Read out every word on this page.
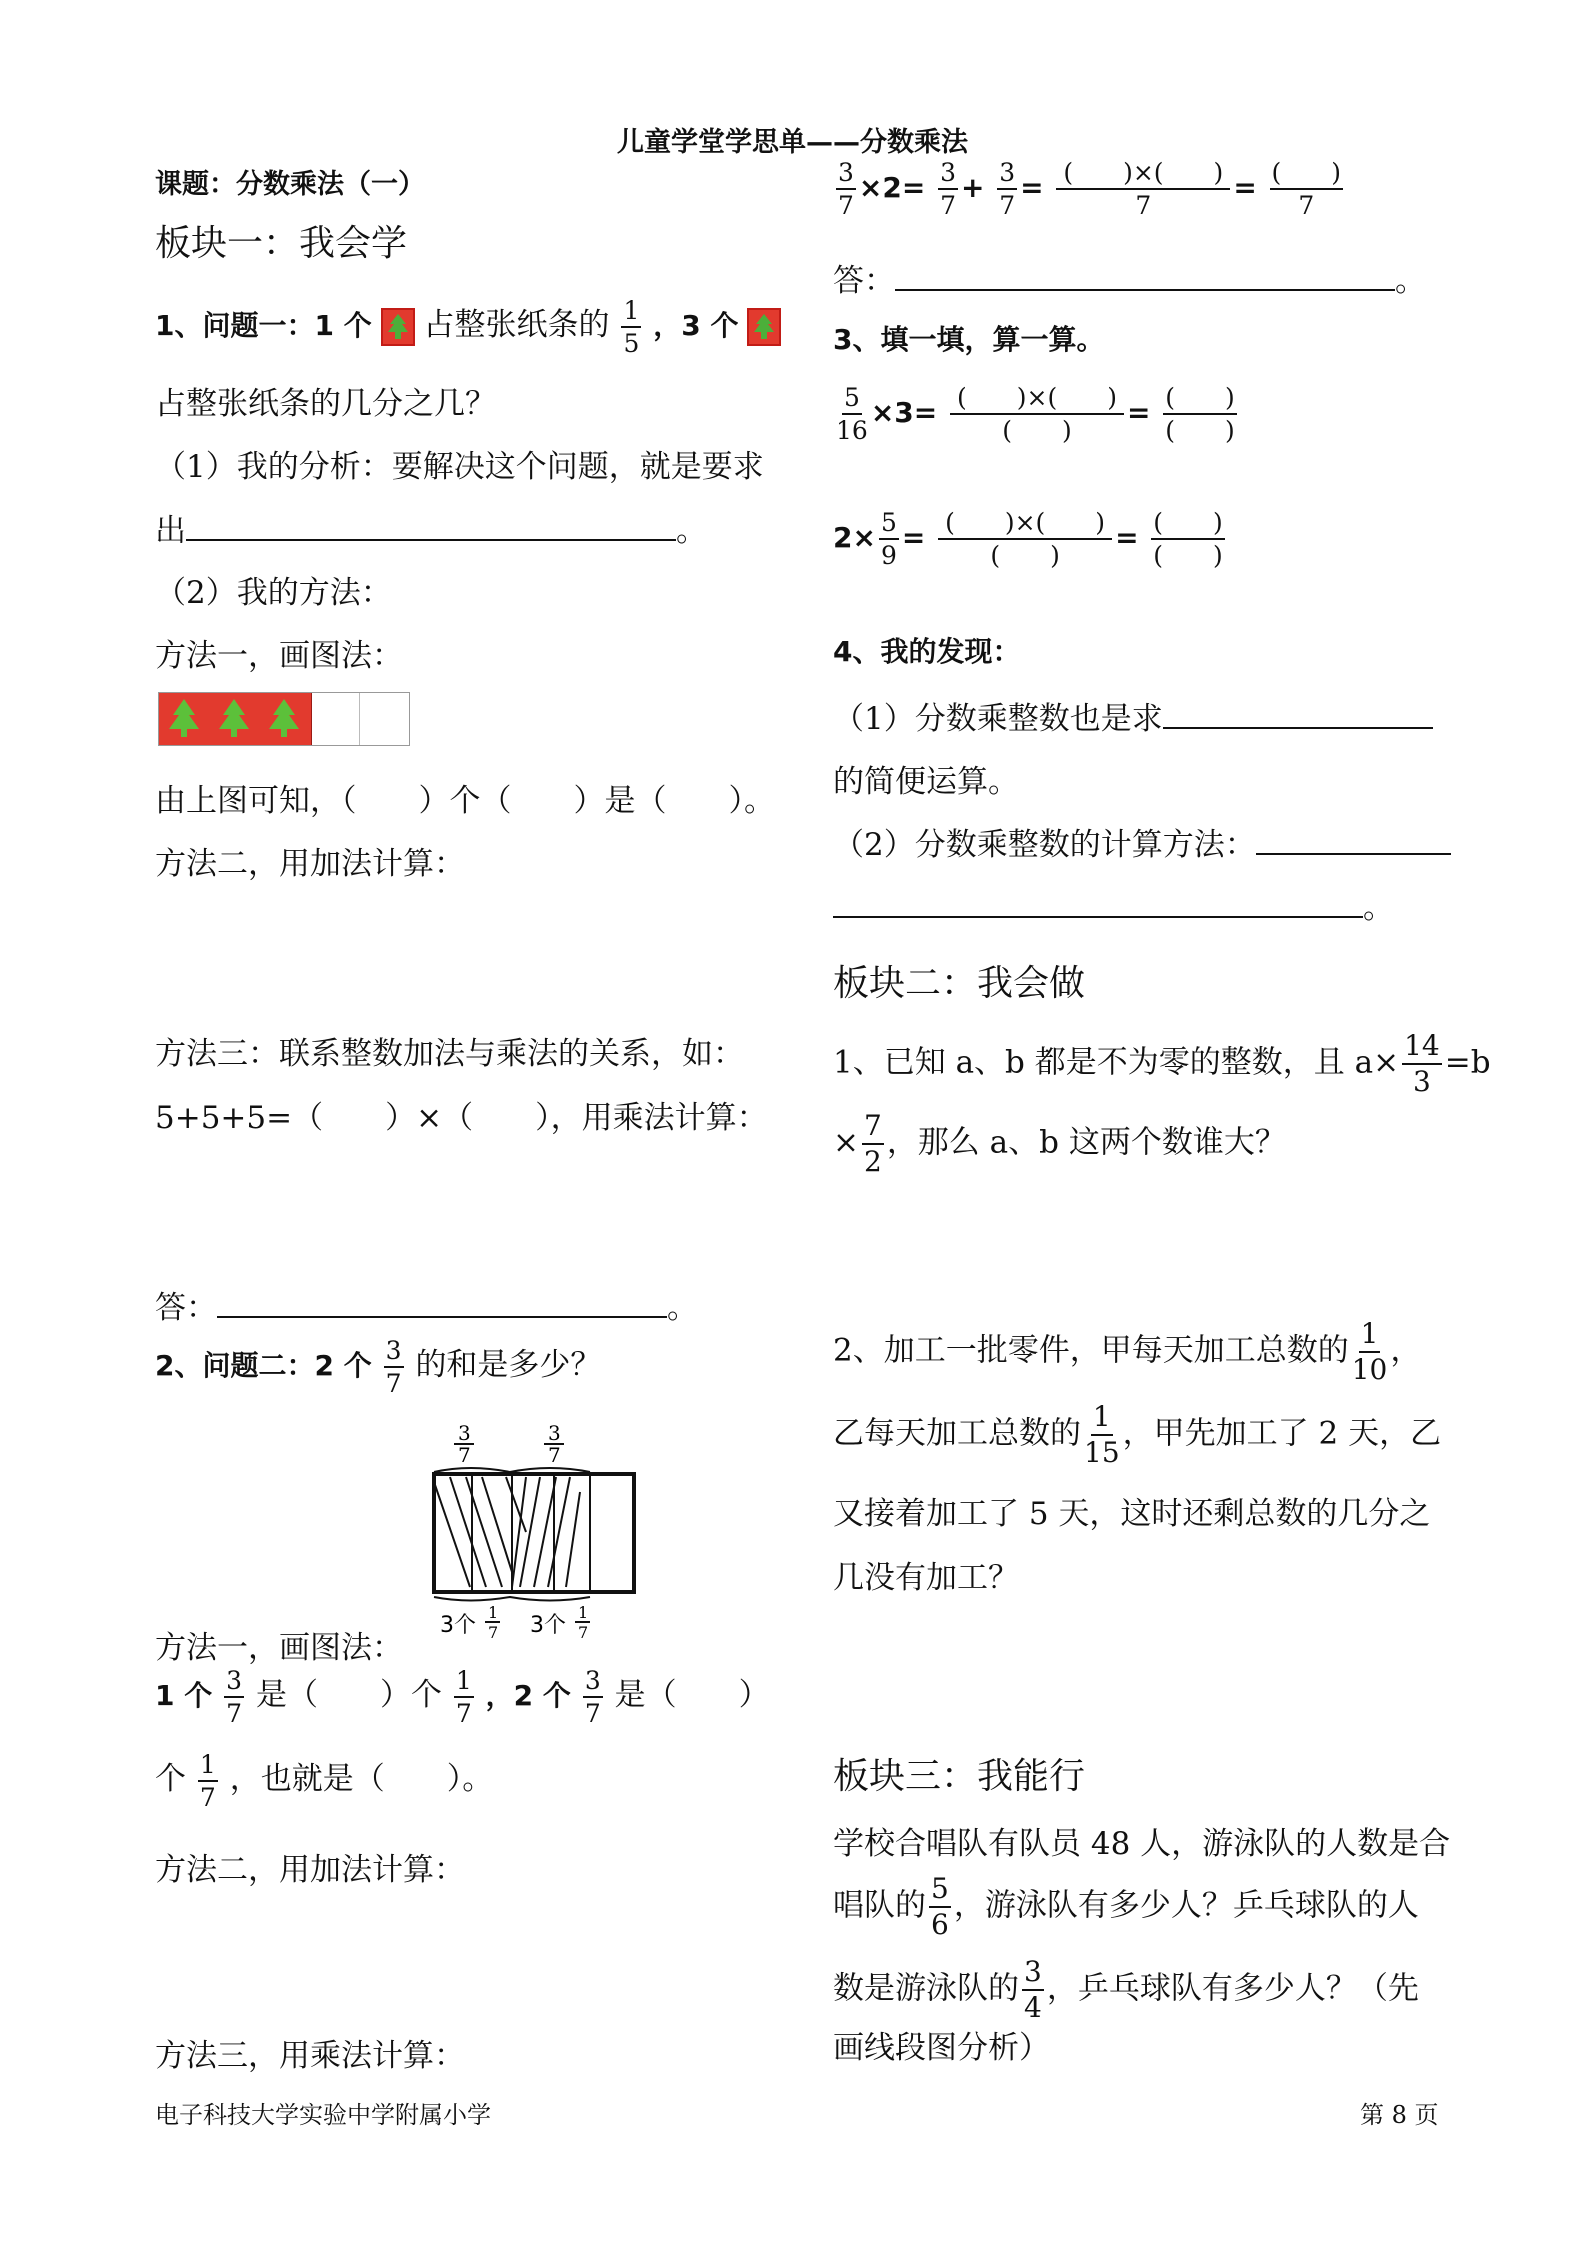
儿童学堂学思单——分数乘法
课题：分数乘法（一）
板块一：我会学
1、问题一：1 个 占整张纸条的 $\frac{1}{5}$ ，3 个
占整张纸条的几分之几？
（1）我的分析：要解决这个问题，就是要求
出	。
（2）我的方法：
方法一，画图法：
由上图可知，（　　）个（　　）是（　　）。
方法二，用加法计算：
方法三：联系整数加法与乘法的关系，如：
5+5+5=（　　）×（　　），用乘法计算：
答：	。
2、问题二：2 个 $\frac{3}{7}$ 的和是多少？
3
7
3
7
3个
1
7 3个
1
7
方法一，画图法：
1 个 $\frac{3}{7}$ 是（　　）个 $\frac{1}{7}$ ，2 个 $\frac{3}{7}$ 是（　　）
个 $\frac{1}{7}$ ，也就是（　　）。
方法二，用加法计算：
方法三，用乘法计算：
$\frac{3}{7} \times 2= \frac{3}{7} + \frac{3}{7} = \frac{( )\times( )}{7} = \frac{( )}{7}$
答：	。
3、填一填，算一算。
$\frac{5}{16} \times 3= \frac{( )\times( )}{( )} = \frac{( )}{( )}$
$2\times \frac{5}{9} = \frac{( )\times( )}{( )} = \frac{( )}{( )}$
4、我的发现：
（1）分数乘整数也是求
的简便运算。
（2）分数乘整数的计算方法：
。
板块二：我会做
1、已知 a、b 都是不为零的整数，且 $a\times \frac{14}{3} =b$
× $\frac{7}{2}$ ，那么 a、b 这两个数谁大？
2、加工一批零件，甲每天加工总数的 $\frac{1}{10}$ ，
乙每天加工总数的 $\frac{1}{15}$ ，甲先加工了 2 天，乙
又接着加工了 5 天，这时还剩总数的几分之
几没有加工？
板块三：我能行
学校合唱队有队员 48 人，游泳队的人数是合
唱队的 $\frac{5}{6}$ ，游泳队有多少人？乒乓球队的人
数是游泳队的 $\frac{3}{4}$ ，乒乓球队有多少人？（先
画线段图分析）
电子科技大学实验中学附属小学	第 8 页
